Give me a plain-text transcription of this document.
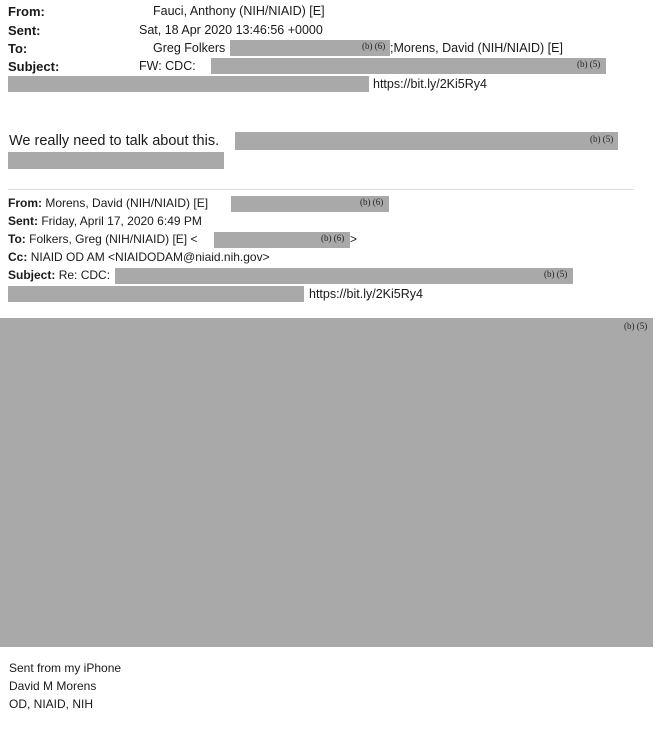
From:	Fauci, Anthony (NIH/NIAID) [E]
Sent:	Sat, 18 Apr 2020 13:46:56 +0000
To:	Greg Folkers	(b) (6) ;Morens, David (NIH/NIAID) [E]
Subject:	FW: CDC:	(b) (5)
https://bit.ly/2Ki5Ry4
We really need to talk about this.	(b) (5)
From: Morens, David (NIH/NIAID) [E]	(b) (6)
Sent: Friday, April 17, 2020 6:49 PM
To: Folkers, Greg (NIH/NIAID) [E] <	(b) (6) >
Cc: NIAID OD AM <NIAIDODAM@niaid.nih.gov>
Subject: Re: CDC:	(b) (5)
https://bit.ly/2Ki5Ry4
(b) (5)
Sent from my iPhone
David M Morens
OD, NIAID, NIH
